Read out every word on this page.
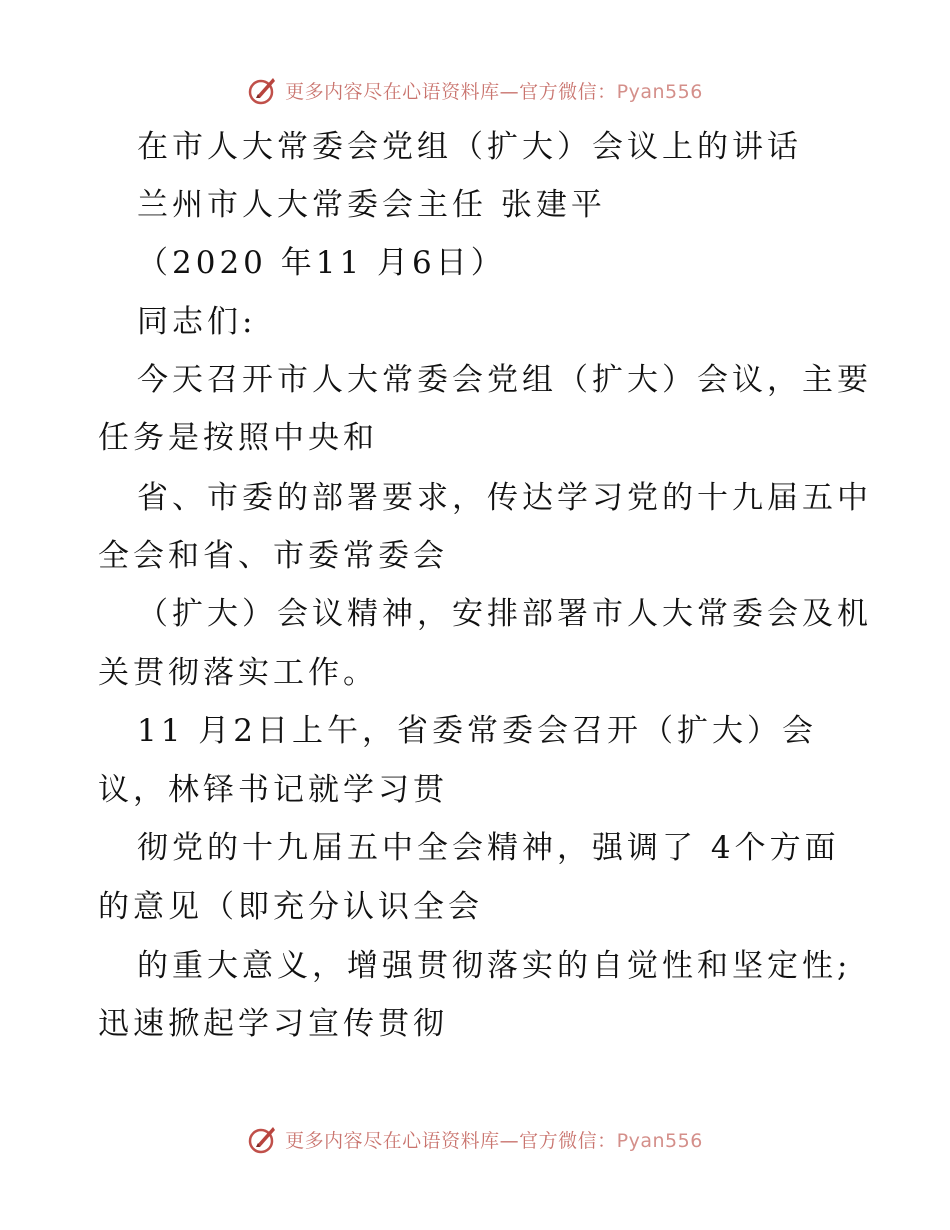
更多内容尽在心语资料库—官方微信：Pyan556
在市人大常委会党组（扩大）会议上的讲话
兰州市人大常委会主任 张建平
（2020 年11 月6日）
同志们:
今天召开市人大常委会党组（扩大）会议，主要
任务是按照中央和
省、市委的部署要求，传达学习党的十九届五中
全会和省、市委常委会
（扩大）会议精神，安排部署市人大常委会及机
关贯彻落实工作。
11 月2日上午，省委常委会召开（扩大）会
议，林铎书记就学习贯
彻党的十九届五中全会精神，强调了 4个方面
的意见（即充分认识全会
的重大意义，增强贯彻落实的自觉性和坚定性;
迅速掀起学习宣传贯彻
更多内容尽在心语资料库—官方微信：Pyan556
